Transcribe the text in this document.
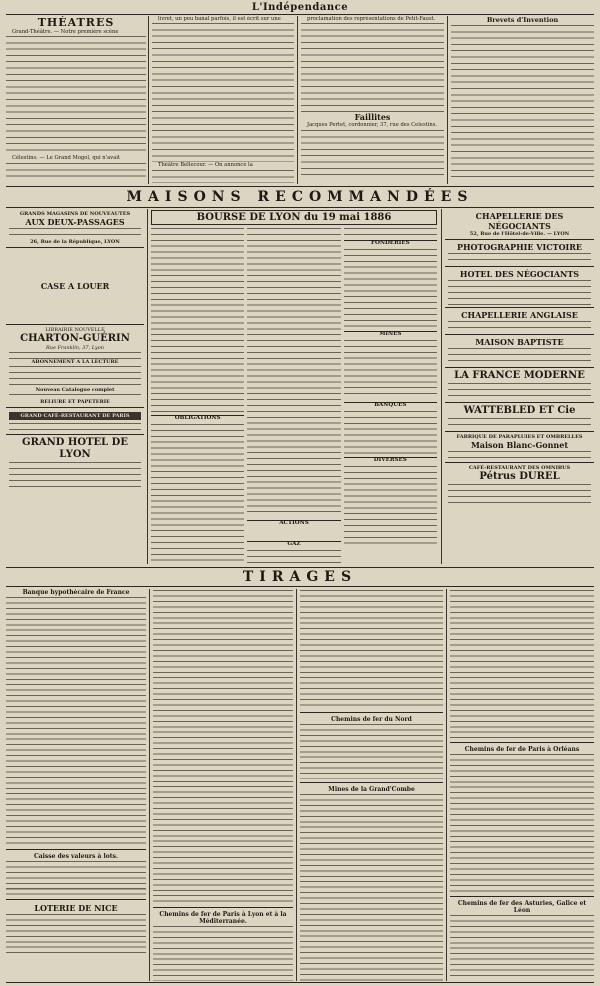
L'Indépendance
THÉATRES

Grand-Théâtre. — Notre première scène

Célestins. — Le Grand Mogol, qui n'avait

livret, un peu banal parfois, il est écrit sur une

Théâtre Bellecour. — On annonce la

proclamation des représentations de Petit-Faust.

Faillites

Jacques Pertet, cordonnier, 37, rue des Celestins.

Brevets d'Invention
MAISONS RECOMMANDÉES
GRANDS MAGASINS DE NOUVEAUTÉS
AUX DEUX-PASSAGES
26, Rue de la République, LYON
CASE A LOUER
LIBRAIRIE NOUVELLE
CHARTON-GUÉRIN
Rue Franklin, 37, Lyon
ABONNEMENT A LA LECTURE
Nouveau Catalogue complet
RELIURE ET PAPETERIE
GRAND CAFÉ-RESTAURANT DE PARIS
GRAND HOTEL DE LYON
BOURSE DE LYON du 19 mai 1886
OBLIGATIONS
ACTIONS
GAZ
FONDERIES
MINES
BANQUES
DIVERSES
CHAPELLERIE DES NÉGOCIANTS
52, Rue de l'Hôtel-de-Ville. — LYON
PHOTOGRAPHIE VICTOIRE
HOTEL DES NÉGOCIANTS
CHAPELLERIE ANGLAISE
MAISON BAPTISTE
LA FRANCE MODERNE
WATTEBLED ET Cie
FABRIQUE DE PARAPLUIES ET OMBRELLES
Maison Blanc-Gonnet
CAFÉ-RESTAURANT DES OMNIBUS
Pétrus DUREL
TIRAGES
Banque hypothécaire de France
Caisse des valeurs à lots.
LOTERIE DE NICE
Chemins de fer de Paris à Lyon et à la Méditerranée.
Chemins de fer du Nord
Mines de la Grand'Combe
Chemins de fer de Paris à Orléans
Chemins de fer des Asturies, Galice et Léon
